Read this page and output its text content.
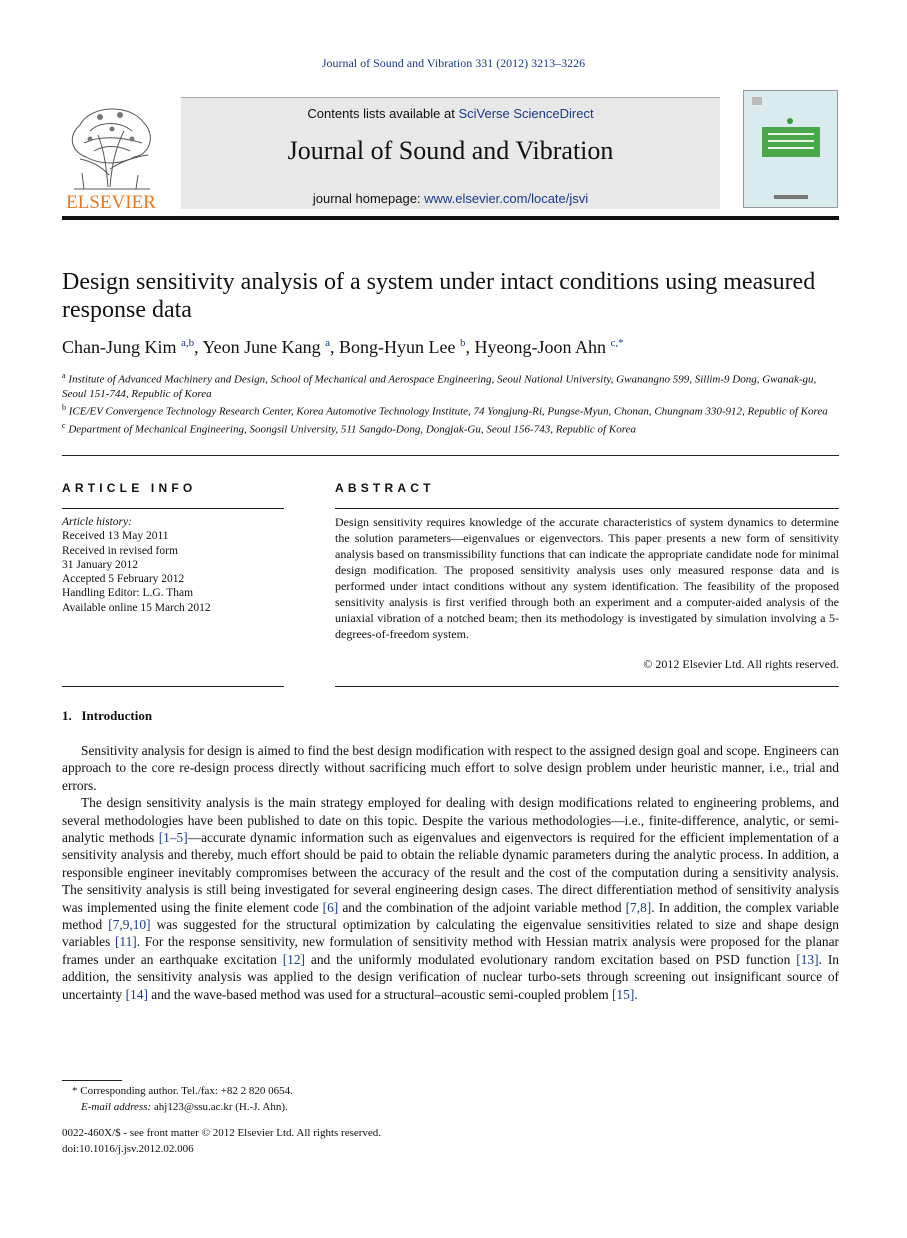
Journal of Sound and Vibration 331 (2012) 3213–3226
ELSEVIER
Contents lists available at SciVerse ScienceDirect
Journal of Sound and Vibration
journal homepage: www.elsevier.com/locate/jsvi
Design sensitivity analysis of a system under intact conditions using measured response data
Chan-Jung Kim $^{a,b}$, Yeon June Kang $^a$, Bong-Hyun Lee $^b$, Hyeong-Joon Ahn $^{c,*}$

$^a$ Institute of Advanced Machinery and Design, School of Mechanical and Aerospace Engineering, Seoul National University, Gwanangno 599, Sillim-9 Dong, Gwanak-gu, Seoul 151-744, Republic of Korea

$^b$ ICE/EV Convergence Technology Research Center, Korea Automotive Technology Institute, 74 Yongjung-Ri, Pungse-Myun, Chonan, Chungnam 330-912, Republic of Korea

$^c$ Department of Mechanical Engineering, Soongsil University, 511 Sangdo-Dong, Dongjak-Gu, Seoul 156-743, Republic of Korea

ARTICLE INFO	ABSTRACT
Article history:
Received 13 May 2011
Received in revised form
31 January 2012
Accepted 5 February 2012
Handling Editor: L.G. Tham
Available online 15 March 2012
Design sensitivity requires knowledge of the accurate characteristics of system dynamics to determine the solution parameters—eigenvalues or eigenvectors. This paper presents a new form of sensitivity analysis based on transmissibility functions that can indicate the appropriate candidate node for minimal design modification. The proposed sensitivity analysis uses only measured response data and is performed under intact conditions without any system identification. The feasibility of the proposed sensitivity analysis is first verified through both an experiment and a computer-aided analysis of the uniaxial vibration of a notched beam; then its methodology is investigated by simulation involving a 5-degrees-of-freedom system.
© 2012 Elsevier Ltd. All rights reserved.
1.   Introduction

Sensitivity analysis for design is aimed to find the best design modification with respect to the assigned design goal and scope. Engineers can approach to the core re-design process directly without sacrificing much effort to solve design problem under heuristic manner, i.e., trial and errors.

The design sensitivity analysis is the main strategy employed for dealing with design modifications related to engineering problems, and several methodologies have been published to date on this topic. Despite the various methodologies—i.e., finite-difference, analytic, or semi-analytic methods [1–5]—accurate dynamic information such as eigenvalues and eigenvectors is required for the efficient implementation of a sensitivity analysis and thereby, much effort should be paid to obtain the reliable dynamic parameters during the analytic process. In addition, a responsible engineer inevitably compromises between the accuracy of the result and the cost of the computation during a sensitivity analysis. The sensitivity analysis is still being investigated for several engineering design cases. The direct differentiation method of sensitivity analysis was implemented using the finite element code [6] and the combination of the adjoint variable method [7,8]. In addition, the complex variable method [7,9,10] was suggested for the structural optimization by calculating the eigenvalue sensitivities related to size and shape design variables [11]. For the response sensitivity, new formulation of sensitivity method with Hessian matrix analysis were proposed for the planar frames under an earthquake excitation [12] and the uniformly modulated evolutionary random excitation based on PSD function [13]. In addition, the sensitivity analysis was applied to the design verification of nuclear turbo-sets through screening out insignificant source of uncertainty [14] and the wave-based method was used for a structural–acoustic semi-coupled problem [15].

* Corresponding author. Tel./fax: +82 2 820 0654.
E-mail address: ahj123@ssu.ac.kr (H.-J. Ahn).
0022-460X/$ - see front matter © 2012 Elsevier Ltd. All rights reserved.
doi:10.1016/j.jsv.2012.02.006
